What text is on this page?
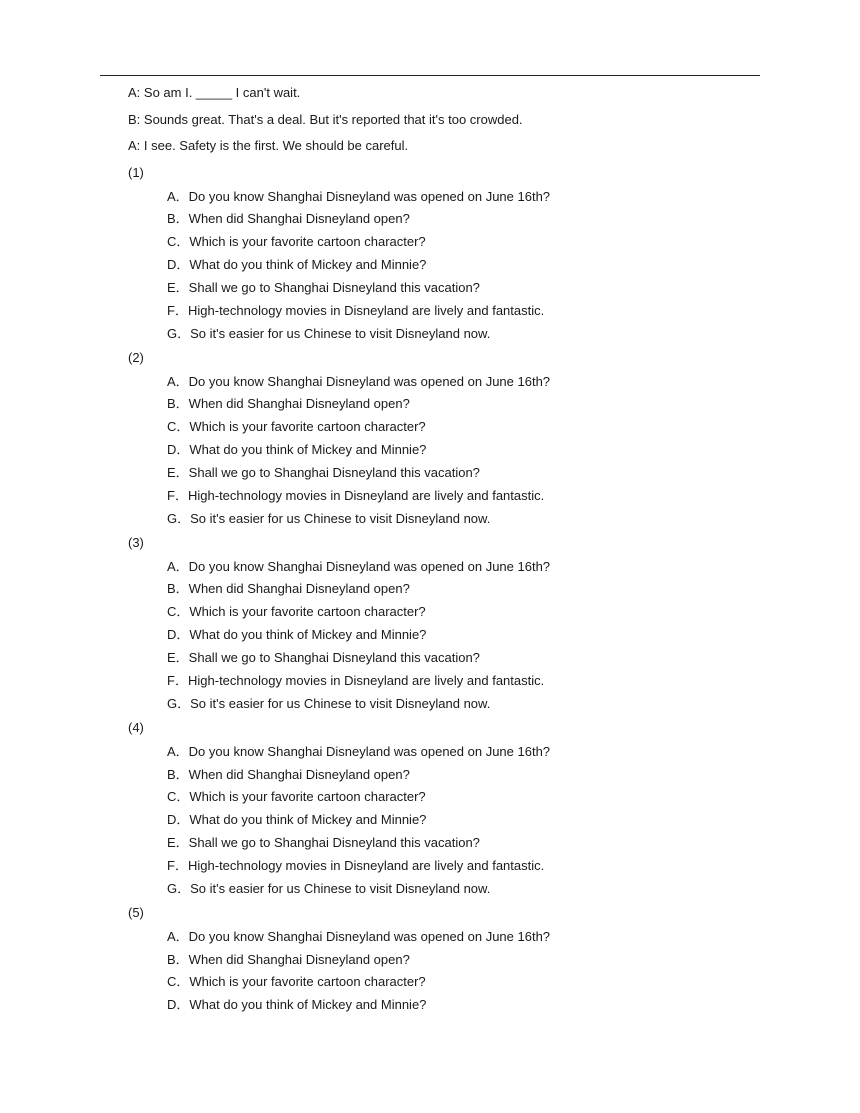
A: So am I. _____ I can't wait.
B: Sounds great. That's a deal. But it's reported that it's too crowded.
A: I see. Safety is the first. We should be careful.
(1)
A．Do you know Shanghai Disneyland was opened on June 16th?
B．When did Shanghai Disneyland open?
C．Which is your favorite cartoon character?
D．What do you think of Mickey and Minnie?
E．Shall we go to Shanghai Disneyland this vacation?
F．High-technology movies in Disneyland are lively and fantastic.
G．So it's easier for us Chinese to visit Disneyland now.
(2)
A．Do you know Shanghai Disneyland was opened on June 16th?
B．When did Shanghai Disneyland open?
C．Which is your favorite cartoon character?
D．What do you think of Mickey and Minnie?
E．Shall we go to Shanghai Disneyland this vacation?
F．High-technology movies in Disneyland are lively and fantastic.
G．So it's easier for us Chinese to visit Disneyland now.
(3)
A．Do you know Shanghai Disneyland was opened on June 16th?
B．When did Shanghai Disneyland open?
C．Which is your favorite cartoon character?
D．What do you think of Mickey and Minnie?
E．Shall we go to Shanghai Disneyland this vacation?
F．High-technology movies in Disneyland are lively and fantastic.
G．So it's easier for us Chinese to visit Disneyland now.
(4)
A．Do you know Shanghai Disneyland was opened on June 16th?
B．When did Shanghai Disneyland open?
C．Which is your favorite cartoon character?
D．What do you think of Mickey and Minnie?
E．Shall we go to Shanghai Disneyland this vacation?
F．High-technology movies in Disneyland are lively and fantastic.
G．So it's easier for us Chinese to visit Disneyland now.
(5)
A．Do you know Shanghai Disneyland was opened on June 16th?
B．When did Shanghai Disneyland open?
C．Which is your favorite cartoon character?
D．What do you think of Mickey and Minnie?
